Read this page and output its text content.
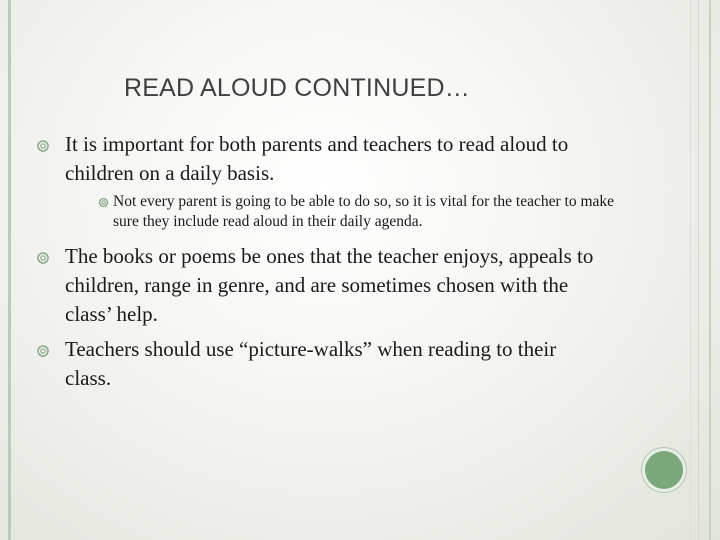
READ ALOUD CONTINUED…
It is important for both parents and teachers to read aloud to children on a daily basis.
Not every parent is going to be able to do so, so it is vital for the teacher to make sure they include read aloud in their daily agenda.
The books or poems be ones that the teacher enjoys, appeals to children, range in genre, and are sometimes chosen with the class’ help.
Teachers should use “picture-walks” when reading to their class.
